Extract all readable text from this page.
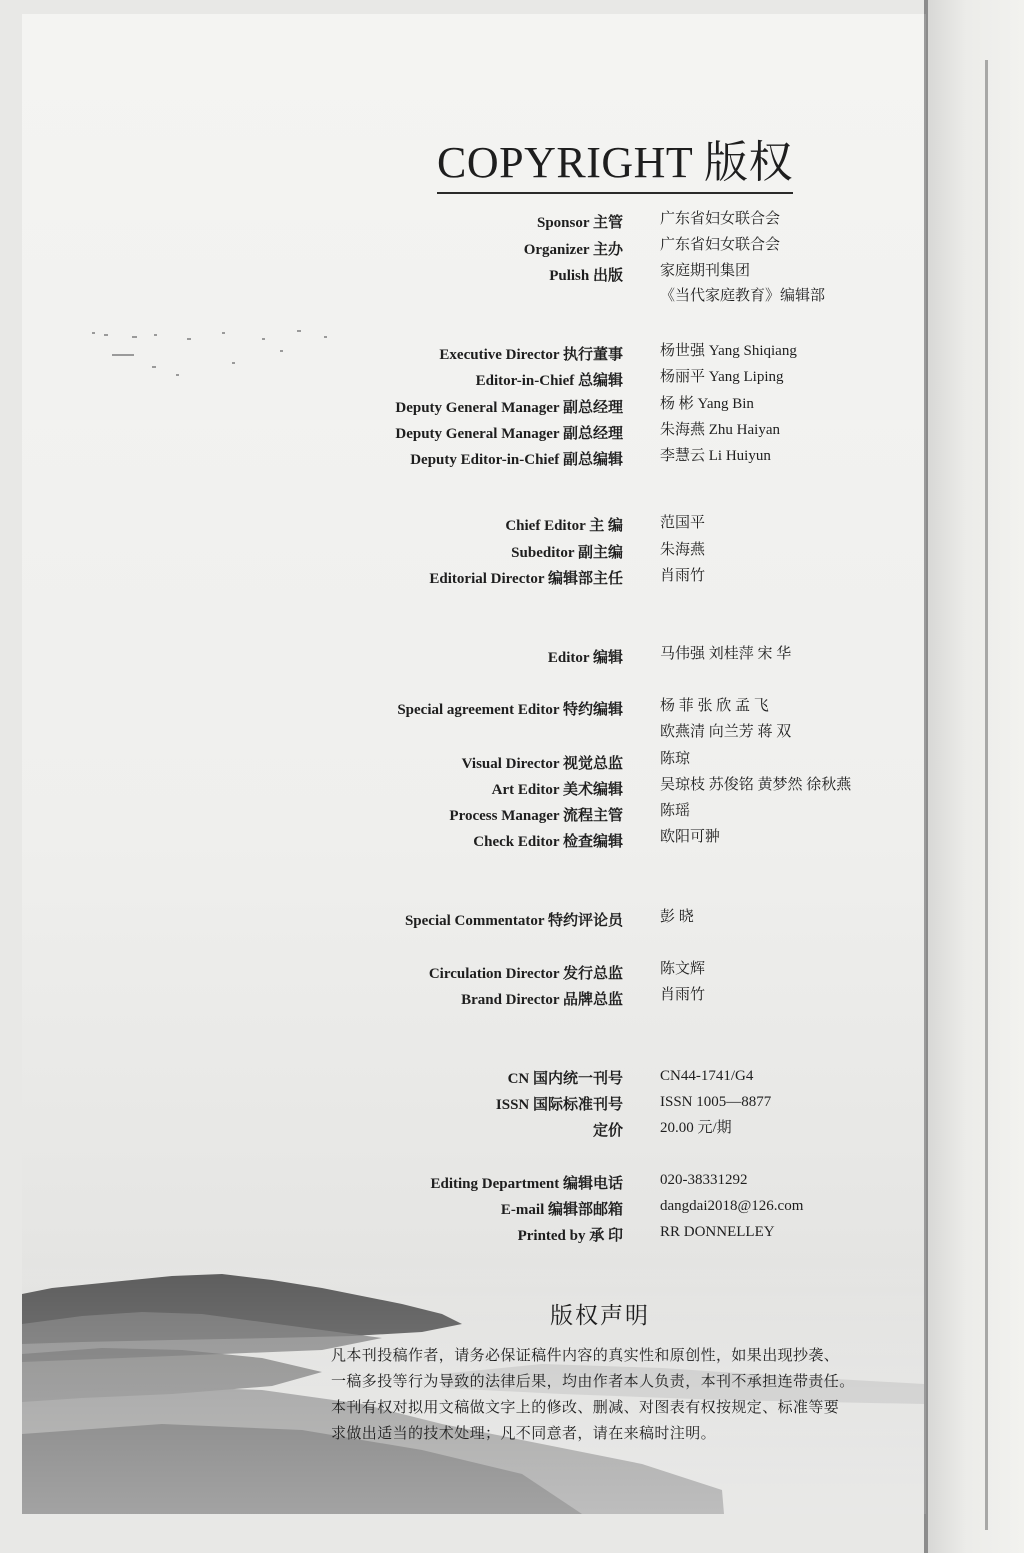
COPYRIGHT 版权
Sponsor 主管
Organizer 主办
Pulish 出版
广东省妇女联合会
广东省妇女联合会
家庭期刊集团
《当代家庭教育》编辑部
Executive Director 执行董事
Editor-in-Chief 总编辑
Deputy General Manager 副总经理
Deputy General Manager 副总经理
Deputy Editor-in-Chief 副总编辑
杨世强 Yang Shiqiang
杨丽平 Yang Liping
杨 彬 Yang Bin
朱海燕 Zhu Haiyan
李慧云 Li Huiyun
Chief Editor 主 编
Subeditor 副主编
Editorial Director 编辑部主任
范国平
朱海燕
肖雨竹
Editor 编辑 马伟强 刘桂萍 宋 华
Special agreement Editor 特约编辑
Visual Director 视觉总监
Art Editor 美术编辑
Process Manager 流程主管
Check Editor 检查编辑
杨 菲 张 欣 孟 飞
欧燕清 向兰芳 蒋 双
陈琼
吴琼枝 苏俊铭 黄梦然 徐秋燕
陈瑶
欧阳可翀
Special Commentator 特约评论员 彭 晓
Circulation Director 发行总监
Brand Director 品牌总监
陈文辉
肖雨竹
CN 国内统一刊号
ISSN 国际标准刊号
定价
CN44-1741/G4
ISSN 1005—8877
20.00 元/期
Editing Department 编辑电话
E-mail 编辑部邮箱
Printed by 承 印
020-38331292
dangdai2018@126.com
RR DONNELLEY
版权声明

凡本刊投稿作者，请务必保证稿件内容的真实性和原创性，如果出现抄袭、

一稿多投等行为导致的法律后果，均由作者本人负责，本刊不承担连带责任。

本刊有权对拟用文稿做文字上的修改、删减、对图表有权按规定、标准等要

求做出适当的技术处理；凡不同意者，请在来稿时注明。
